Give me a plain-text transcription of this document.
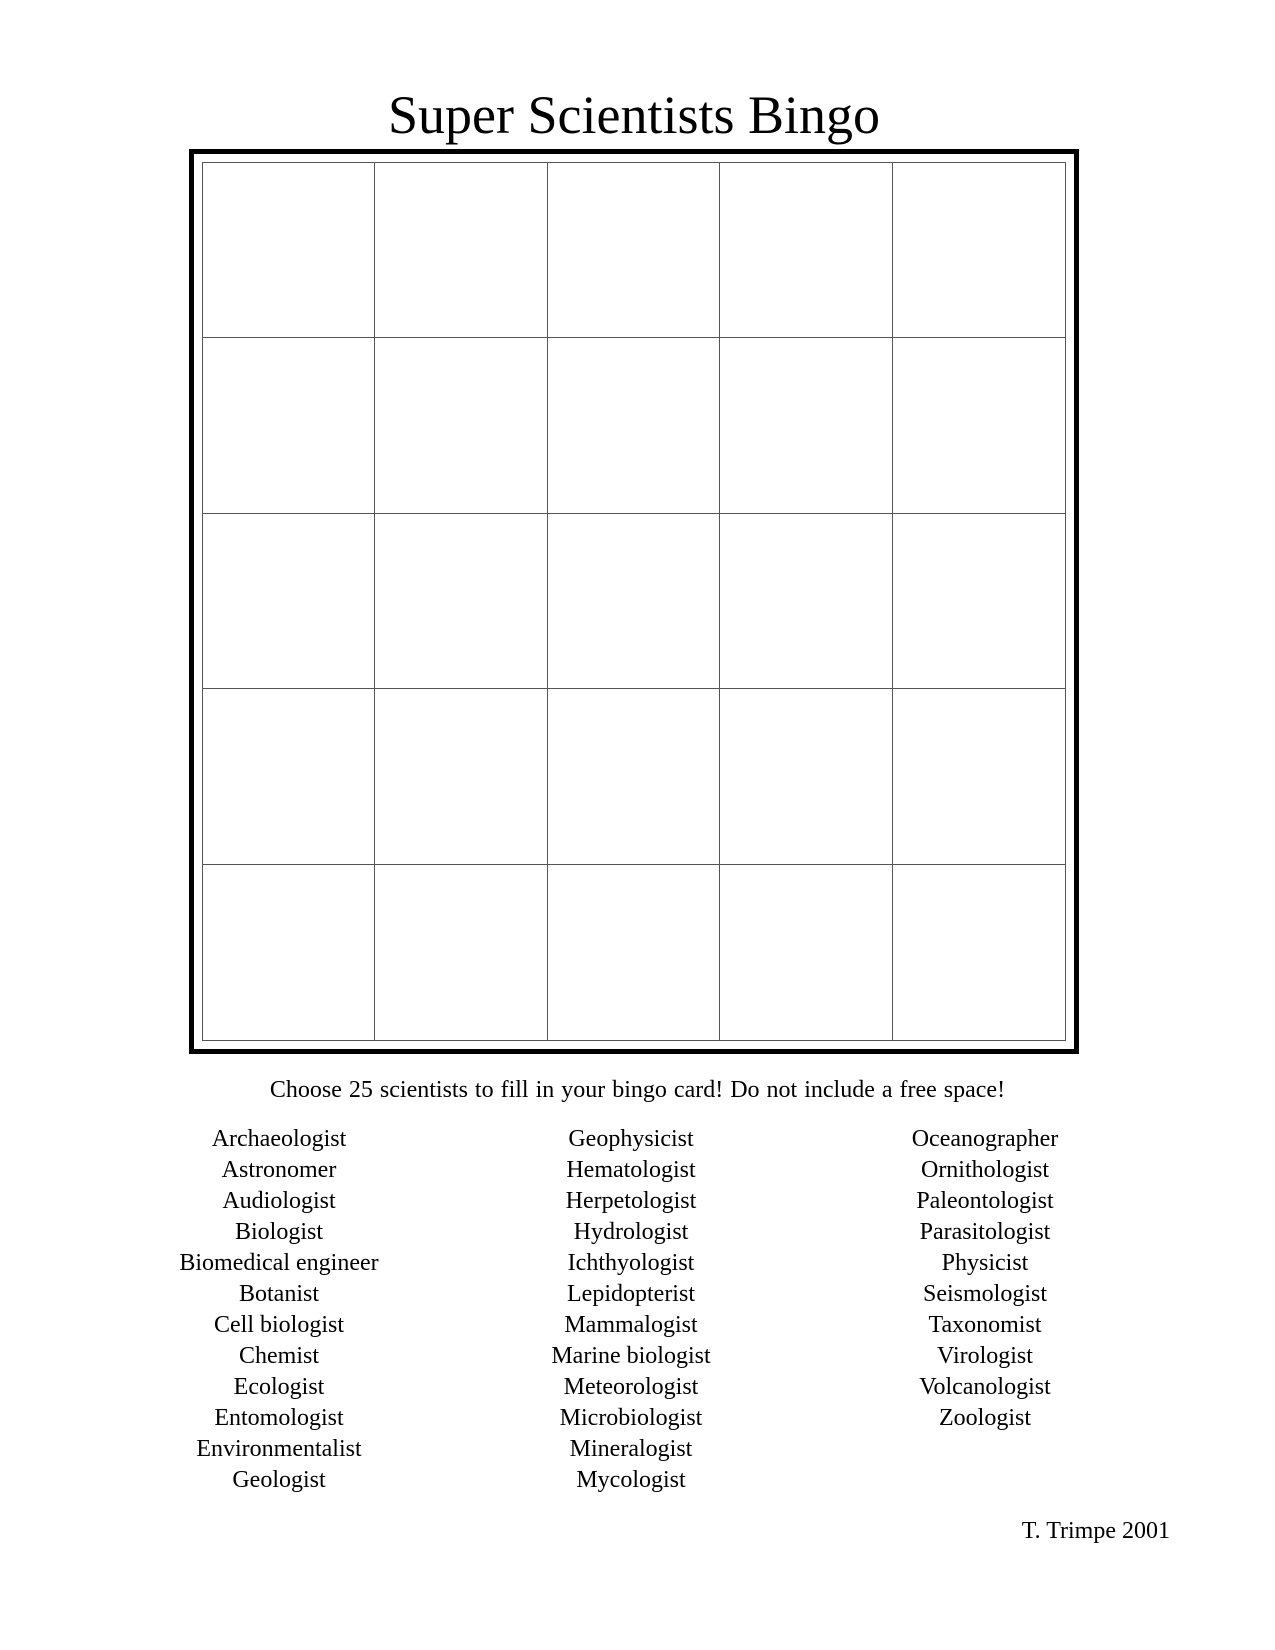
Super Scientists Bingo
Choose 25 scientists to fill in your bingo card! Do not include a free space!
Archaeologist
Astronomer
Audiologist
Biologist
Biomedical engineer
Botanist
Cell biologist
Chemist
Ecologist
Entomologist
Environmentalist
Geologist
Geophysicist
Hematologist
Herpetologist
Hydrologist
Ichthyologist
Lepidopterist
Mammalogist
Marine biologist
Meteorologist
Microbiologist
Mineralogist
Mycologist
Oceanographer
Ornithologist
Paleontologist
Parasitologist
Physicist
Seismologist
Taxonomist
Virologist
Volcanologist
Zoologist
T. Trimpe 2001
